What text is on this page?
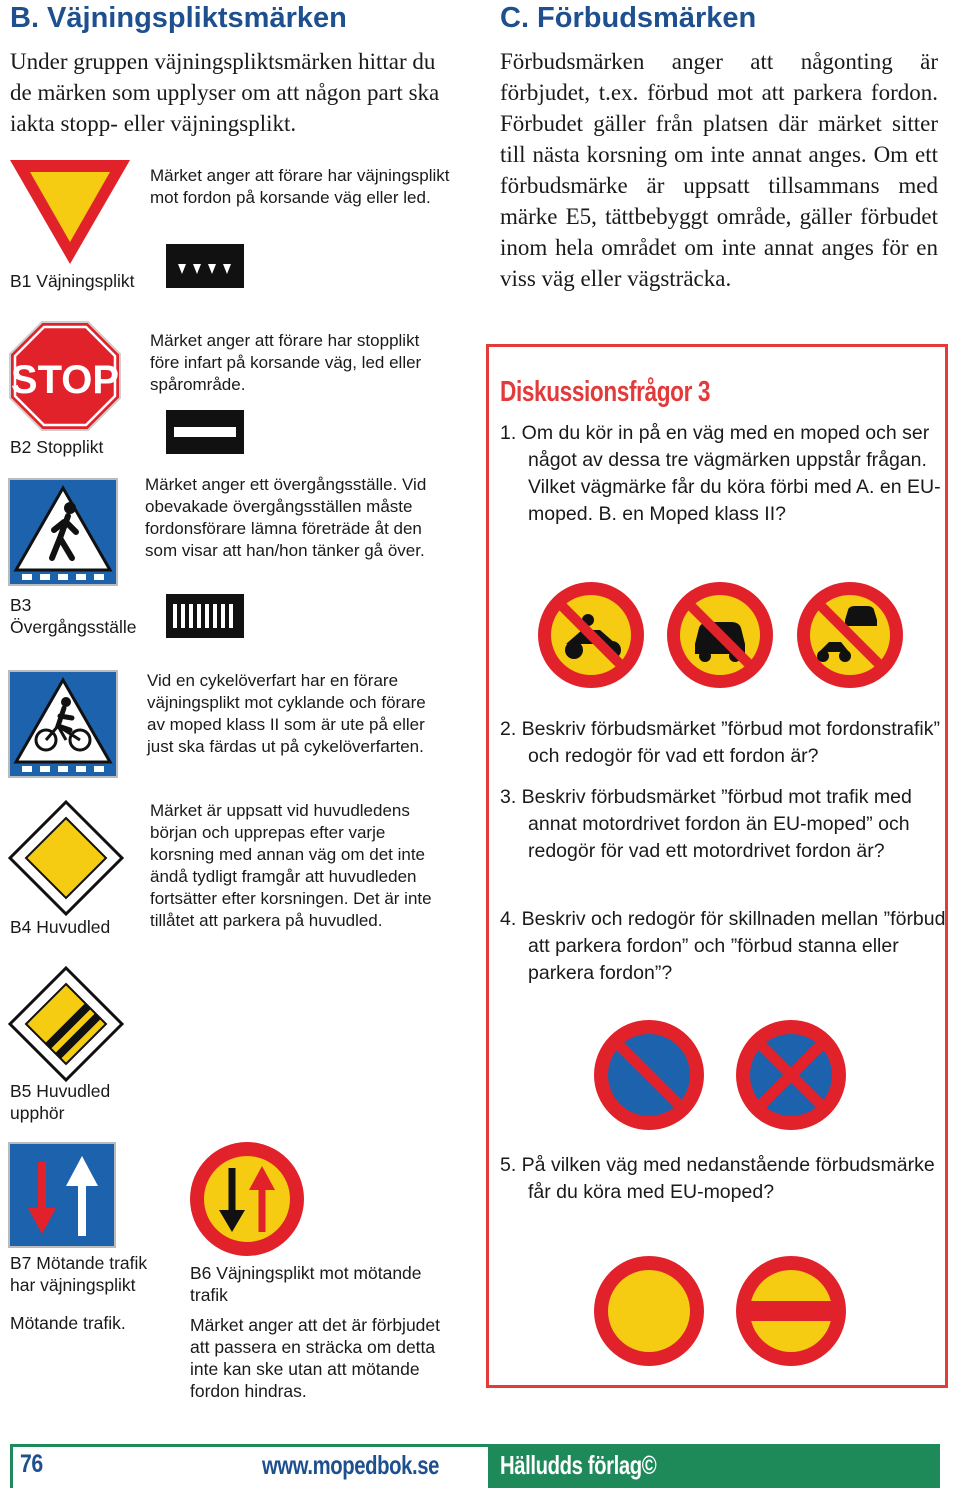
B. Väjningspliktsmärken

Under gruppen väjningspliktsmärken hittar du de märken som upplyser om att någon part ska iakta stopp- eller väjningsplikt.

B1 Väjningsplikt

Märket anger att förare har väjningsplikt mot fordon på korsande väg eller led.

STOP

B2 Stopplikt

Märket anger att förare har stopplikt före infart på korsande väg, led eller spårområde.

B3 Övergångsställe

Märket anger ett övergångsställe. Vid obevakade övergångsställen måste fordonsförare lämna företräde åt den som visar att han/hon tänker gå över.

Vid en cykelöverfart har en förare väjningsplikt mot cyklande och förare av moped klass II som är ute på eller just ska färdas ut på cykelöverfarten.

B4 Huvudled

Märket är uppsatt vid huvudledens början och upprepas efter varje korsning med annan väg om det inte ändå tydligt framgår att huvudleden fortsätter efter korsningen. Det är inte tillåtet att parkera på huvudled.

B5 Huvudled upphör

B7 Mötande trafik har väjningsplikt

Mötande trafik.

B6 Väjningsplikt mot mötande trafik

Märket anger att det är förbjudet att passera en sträcka om detta inte kan ske utan att mötande fordon hindras.

C. Förbudsmärken

Förbudsmärken anger att någonting är förbjudet, t.ex. förbud mot att parkera fordon. Förbudet gäller från platsen där märket sitter till nästa korsning om inte annat anges. Om ett förbudsmärke är uppsatt tillsammans med märke E5, tättbebyggt område, gäller förbudet inom hela området om inte annat anges för en viss väg eller vägsträcka.

Diskussionsfrågor 3

1. Om du kör in på en väg med en moped och ser något av dessa tre vägmärken uppstår frågan. Vilket vägmärke får du köra förbi med A. en EU-moped. B. en Moped klass II?

2. Beskriv förbudsmärket ”förbud mot fordonstrafik” och redogör för vad ett fordon är?

3. Beskriv förbudsmärket ”förbud mot trafik med annat motordrivet fordon än EU-moped” och redogör för vad ett motordrivet fordon är?

4. Beskriv och redogör för skillnaden mellan ”förbud att parkera fordon” och ”förbud stanna eller parkera fordon”?

5. På vilken väg med nedanstående förbudsmärke får du köra med EU-moped?

76	www.mopedbok.se Hälludds förlag©
